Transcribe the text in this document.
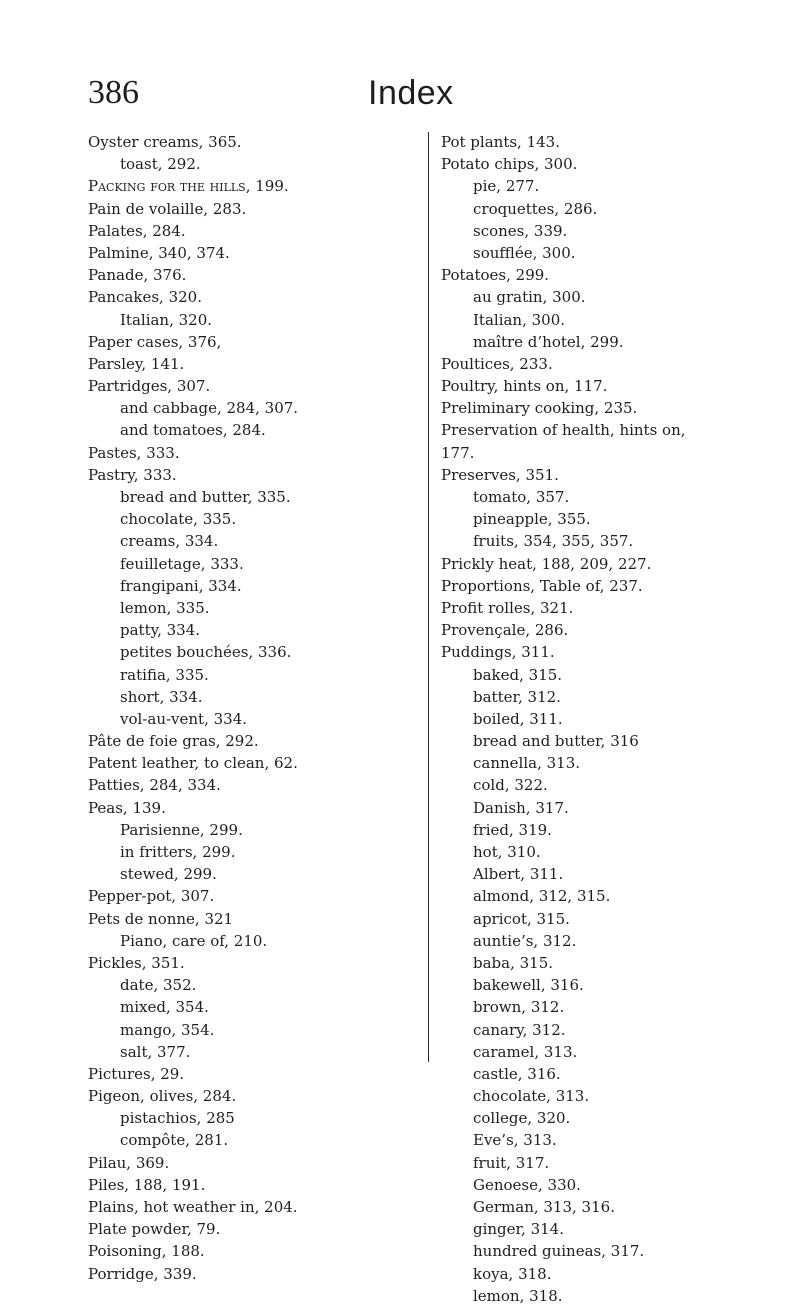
386	Index
Oyster creams, 365.
toast, 292.
Packing for the hills, 199.
Pain de volaille, 283.
Palates, 284.
Palmine, 340, 374.
Panade, 376.
Pancakes, 320.
Italian, 320.
Paper cases, 376,
Parsley, 141.
Partridges, 307.
and cabbage, 284, 307.
and tomatoes, 284.
Pastes, 333.
Pastry, 333.
bread and butter, 335.
chocolate, 335.
creams, 334.
feuilletage, 333.
frangipani, 334.
lemon, 335.
patty, 334.
petites bouchées, 336.
ratifia, 335.
short, 334.
vol-au-vent, 334.
Pâte de foie gras, 292.
Patent leather, to clean, 62.
Patties, 284, 334.
Peas, 139.
Parisienne, 299.
in fritters, 299.
stewed, 299.
Pepper-pot, 307.
Pets de nonne, 321
Piano, care of, 210.
Pickles, 351.
date, 352.
mixed, 354.
mango, 354.
salt, 377.
Pictures, 29.
Pigeon, olives, 284.
pistachios, 285
compôte, 281.
Pilau, 369.
Piles, 188, 191.
Plains, hot weather in, 204.
Plate powder, 79.
Poisoning, 188.
Porridge, 339.
Pot plants, 143.
Potato chips, 300.
pie, 277.
croquettes, 286.
scones, 339.
soufflée, 300.
Potatoes, 299.
au gratin, 300.
Italian, 300.
maître d’hotel, 299.
Poultices, 233.
Poultry, hints on, 117.
Preliminary cooking, 235.
Preservation of health, hints on,
177.
Preserves, 351.
tomato, 357.
pineapple, 355.
fruits, 354, 355, 357.
Prickly heat, 188, 209, 227.
Proportions, Table of, 237.
Profit rolles, 321.
Provençale, 286.
Puddings, 311.
baked, 315.
batter, 312.
boiled, 311.
bread and butter, 316
cannella, 313.
cold, 322.
Danish, 317.
fried, 319.
hot, 310.
Albert, 311.
almond, 312, 315.
apricot, 315.
auntie’s, 312.
baba, 315.
bakewell, 316.
brown, 312.
canary, 312.
caramel, 313.
castle, 316.
chocolate, 313.
college, 320.
Eve’s, 313.
fruit, 317.
Genoese, 330.
German, 313, 316.
ginger, 314.
hundred guineas, 317.
koya, 318.
lemon, 318.
